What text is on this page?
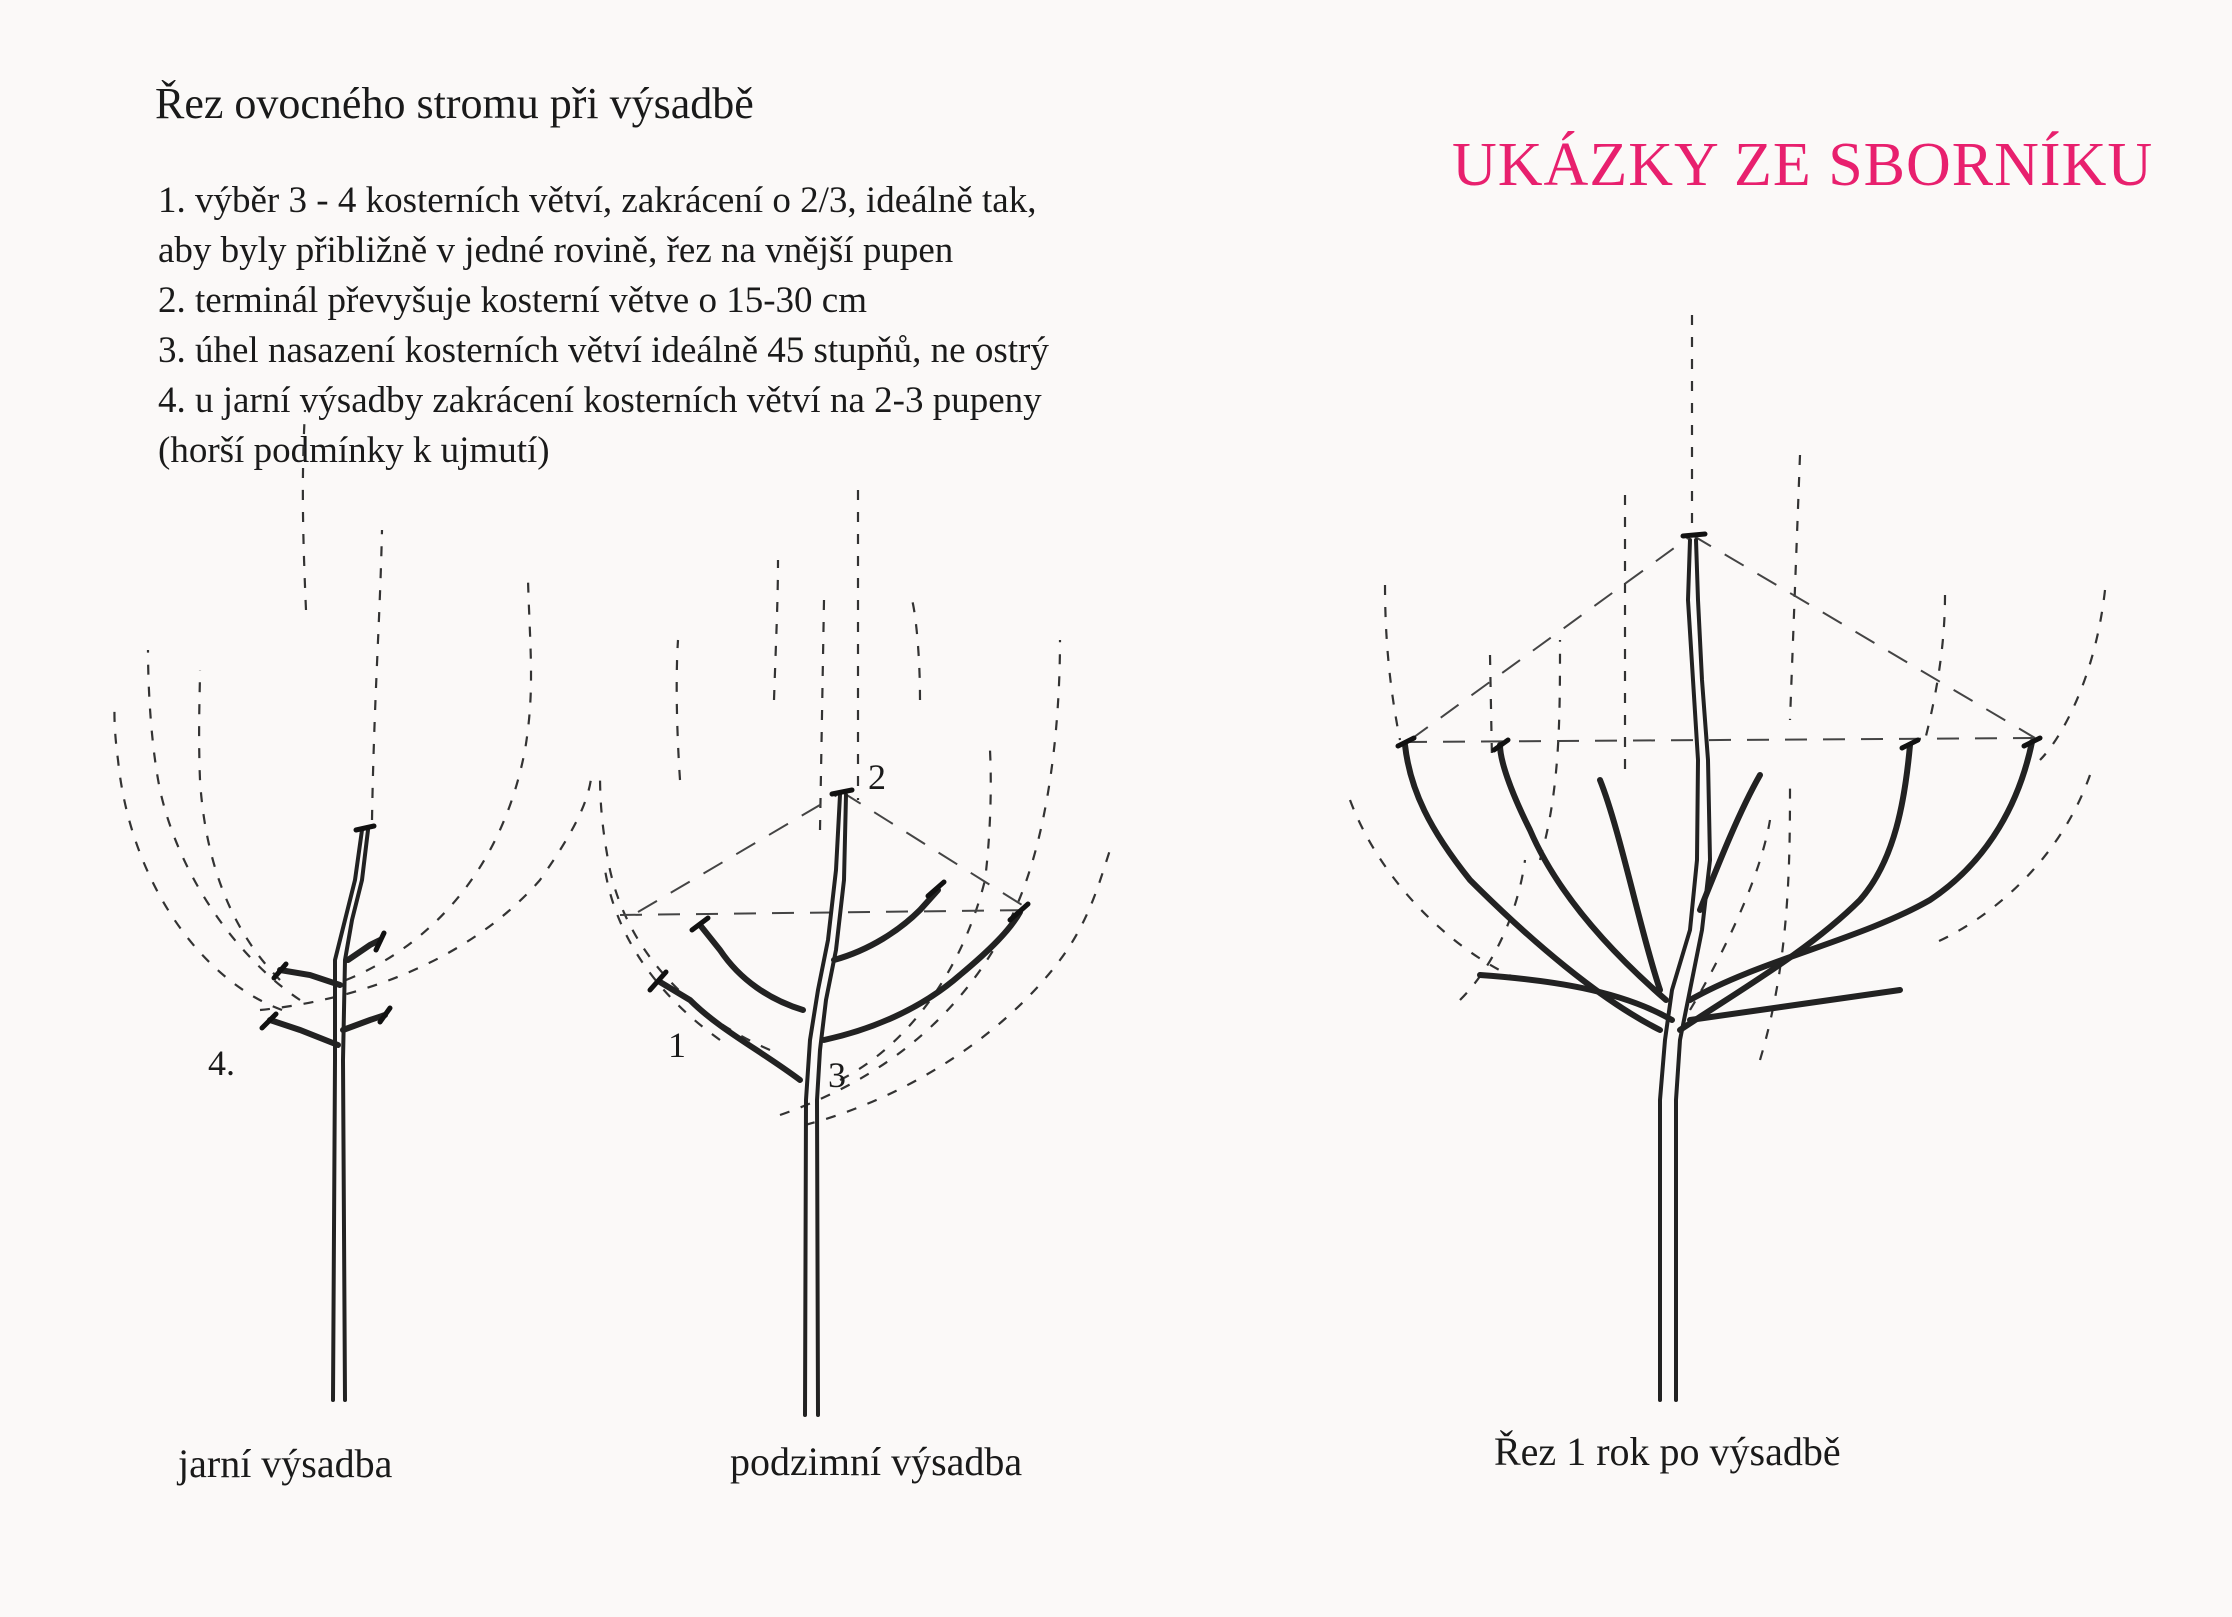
Řez ovocného stromu při výsadbě
UKÁZKY ZE SBORNÍKU
1. výběr 3 - 4 kosterních větví, zakrácení o 2/3, ideálně tak,
aby byly přibližně v jedné rovině, řez na vnější pupen
2. terminál převyšuje kosterní větve o 15-30 cm
3. úhel nasazení kosterních větví ideálně 45 stupňů, ne ostrý
4. u jarní výsadby zakrácení kosterních větví na 2-3 pupeny
(horší podmínky k ujmutí)
4.	1
2
3
jarní výsadba	podzimní výsadba	Řez 1 rok po výsadbě
